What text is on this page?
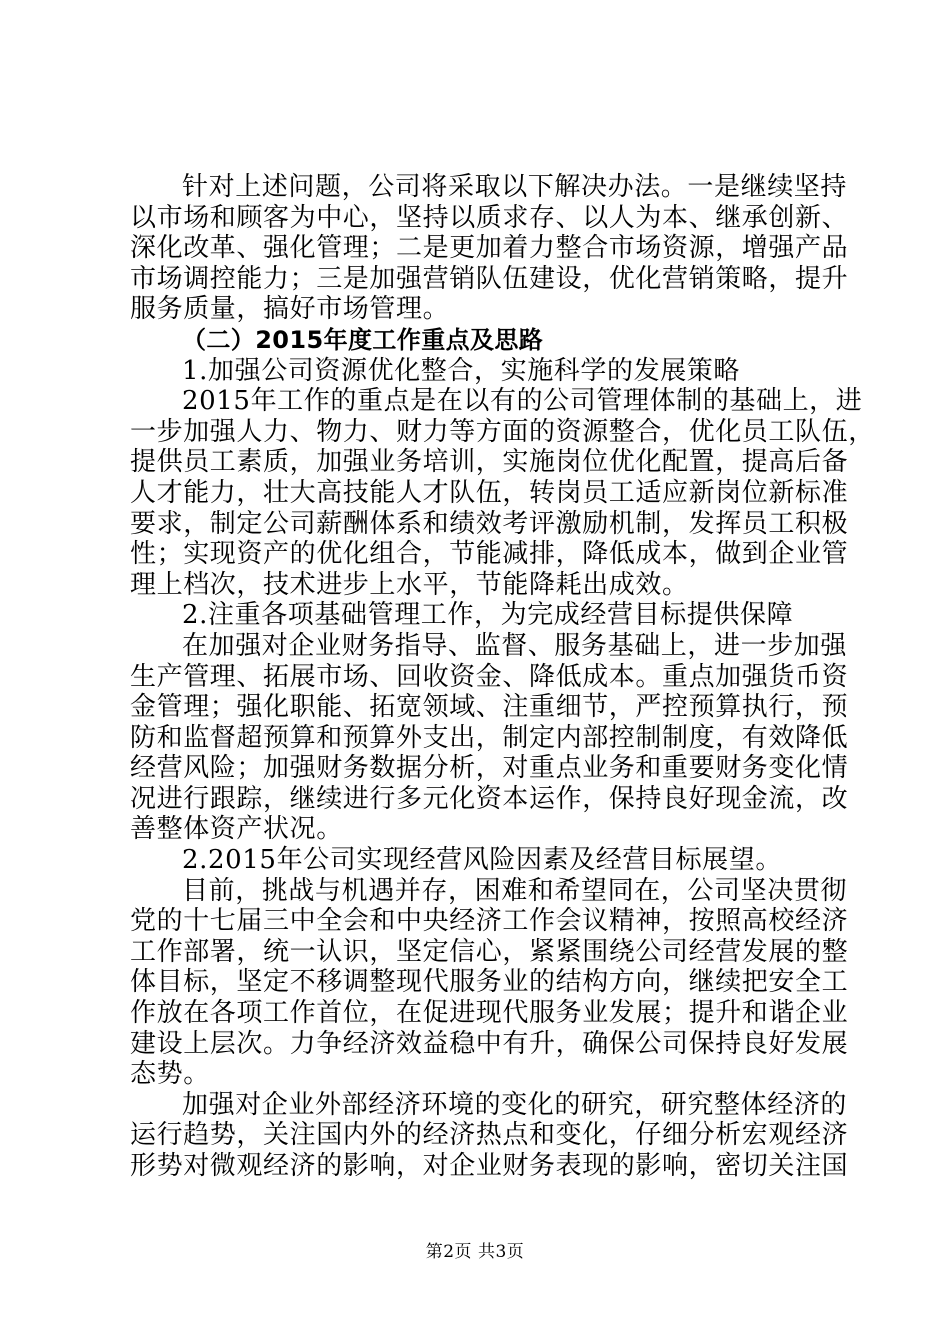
针对上述问题，公司将采取以下解决办法。一是继续坚持
以市场和顾客为中心，坚持以质求存、以人为本、继承创新、
深化改革、强化管理；二是更加着力整合市场资源，增强产品
市场调控能力；三是加强营销队伍建设，优化营销策略，提升
服务质量，搞好市场管理。
（二）2015年度工作重点及思路
1.加强公司资源优化整合，实施科学的发展策略
2015年工作的重点是在以有的公司管理体制的基础上，进
一步加强人力、物力、财力等方面的资源整合，优化员工队伍，
提供员工素质，加强业务培训，实施岗位优化配置，提高后备
人才能力，壮大高技能人才队伍，转岗员工适应新岗位新标准
要求，制定公司薪酬体系和绩效考评激励机制，发挥员工积极
性；实现资产的优化组合，节能减排，降低成本，做到企业管
理上档次，技术进步上水平，节能降耗出成效。
2.注重各项基础管理工作，为完成经营目标提供保障
在加强对企业财务指导、监督、服务基础上，进一步加强
生产管理、拓展市场、回收资金、降低成本。重点加强货币资
金管理；强化职能、拓宽领域、注重细节，严控预算执行，预
防和监督超预算和预算外支出，制定内部控制制度，有效降低
经营风险；加强财务数据分析，对重点业务和重要财务变化情
况进行跟踪，继续进行多元化资本运作，保持良好现金流，改
善整体资产状况。
2.2015年公司实现经营风险因素及经营目标展望。
目前，挑战与机遇并存，困难和希望同在，公司坚决贯彻
党的十七届三中全会和中央经济工作会议精神，按照高校经济
工作部署，统一认识，坚定信心，紧紧围绕公司经营发展的整
体目标，坚定不移调整现代服务业的结构方向，继续把安全工
作放在各项工作首位，在促进现代服务业发展；提升和谐企业
建设上层次。力争经济效益稳中有升，确保公司保持良好发展
态势。
加强对企业外部经济环境的变化的研究，研究整体经济的
运行趋势，关注国内外的经济热点和变化，仔细分析宏观经济
形势对微观经济的影响，对企业财务表现的影响，密切关注国
第2页 共3页
